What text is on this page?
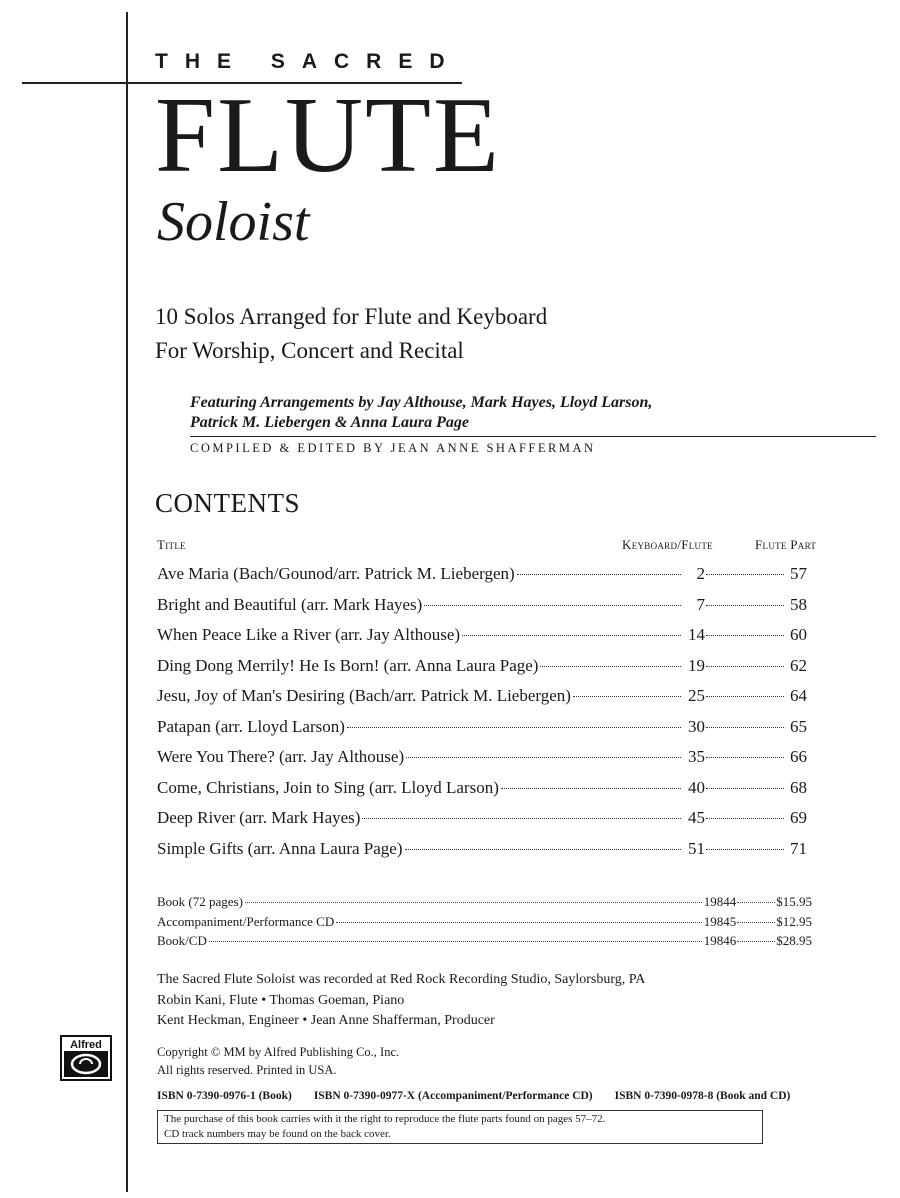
THE SACRED
FLUTE
Soloist
10 Solos Arranged for Flute and Keyboard
For Worship, Concert and Recital
Featuring Arrangements by Jay Althouse, Mark Hayes, Lloyd Larson,
Patrick M. Liebergen & Anna Laura Page
COMPILED & EDITED BY JEAN ANNE SHAFFERMAN
CONTENTS
Title	Keyboard/Flute	Flute Part
Ave Maria (Bach/Gounod/arr. Patrick M. Liebergen)	2	57
Bright and Beautiful (arr. Mark Hayes)	7	58
When Peace Like a River (arr. Jay Althouse)	14	60
Ding Dong Merrily! He Is Born! (arr. Anna Laura Page)	19	62
Jesu, Joy of Man's Desiring (Bach/arr. Patrick M. Liebergen)	25	64
Patapan (arr. Lloyd Larson)	30	65
Were You There? (arr. Jay Althouse)	35	66
Come, Christians, Join to Sing (arr. Lloyd Larson)	40	68
Deep River (arr. Mark Hayes)	45	69
Simple Gifts (arr. Anna Laura Page)	51	71
Book (72 pages)	19844	$15.95
Accompaniment/Performance CD	19845	$12.95
Book/CD	19846	$28.95
The Sacred Flute Soloist was recorded at Red Rock Recording Studio, Saylorsburg, PA
Robin Kani, Flute • Thomas Goeman, Piano
Kent Heckman, Engineer • Jean Anne Shafferman, Producer
Alfred	Copyright © MM by Alfred Publishing Co., Inc.
All rights reserved. Printed in USA.
ISBN 0-7390-0976-1 (Book) ISBN 0-7390-0977-X (Accompaniment/Performance CD) ISBN 0-7390-0978-8 (Book and CD)
The purchase of this book carries with it the right to reproduce the flute parts found on pages 57–72.
CD track numbers may be found on the back cover.
